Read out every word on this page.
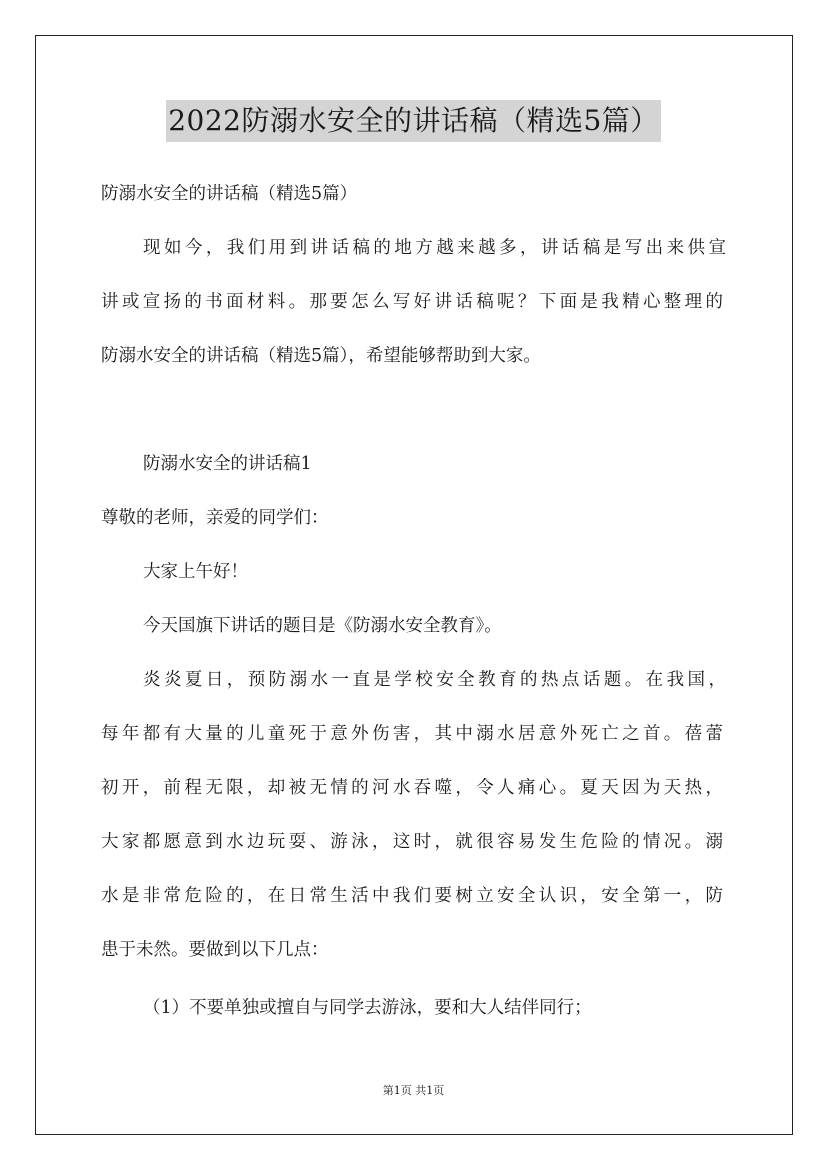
2022防溺水安全的讲话稿（精选5篇）
防溺水安全的讲话稿（精选5篇）
现如今，我们用到讲话稿的地方越来越多，讲话稿是写出来供宣
讲或宣扬的书面材料。那要怎么写好讲话稿呢？下面是我精心整理的
防溺水安全的讲话稿（精选5篇），希望能够帮助到大家。
防溺水安全的讲话稿1
尊敬的老师，亲爱的同学们：
大家上午好！
今天国旗下讲话的题目是《防溺水安全教育》。
炎炎夏日，预防溺水一直是学校安全教育的热点话题。在我国，
每年都有大量的儿童死于意外伤害，其中溺水居意外死亡之首。蓓蕾
初开，前程无限，却被无情的河水吞噬，令人痛心。夏天因为天热，
大家都愿意到水边玩耍、游泳，这时，就很容易发生危险的情况。溺
水是非常危险的，在日常生活中我们要树立安全认识，安全第一，防
患于未然。要做到以下几点：
（1）不要单独或擅自与同学去游泳，要和大人结伴同行；
第1页 共1页
